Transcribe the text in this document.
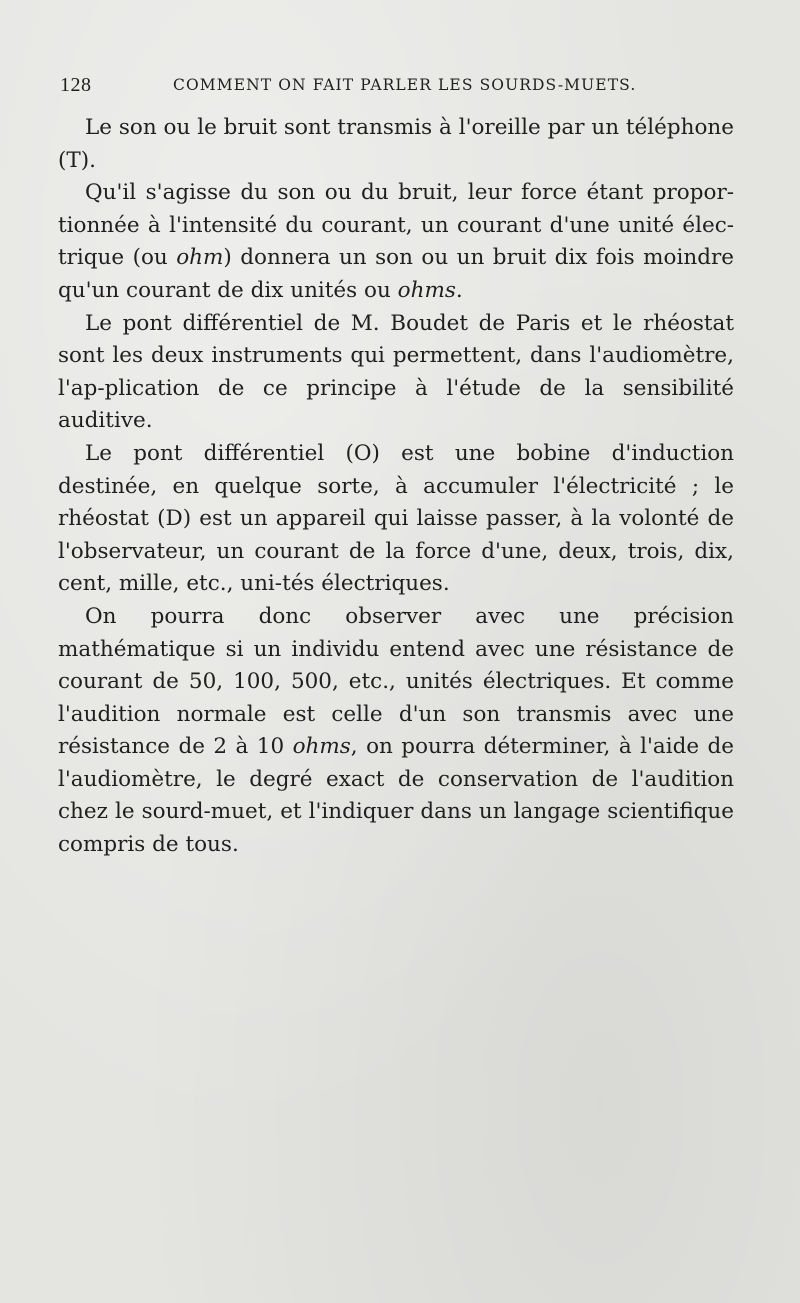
128	COMMENT ON FAIT PARLER LES SOURDS-MUETS.

Le son ou le bruit sont transmis à l'oreille par un téléphone (T).

Qu'il s'agisse du son ou du bruit, leur force étant propor-tionnée à l'intensité du courant, un courant d'une unité élec-trique (ou ohm) donnera un son ou un bruit dix fois moindre qu'un courant de dix unités ou ohms.

Le pont différentiel de M. Boudet de Paris et le rhéostat sont les deux instruments qui permettent, dans l'audiomètre, l'ap-plication de ce principe à l'étude de la sensibilité auditive.

Le pont différentiel (O) est une bobine d'induction destinée, en quelque sorte, à accumuler l'électricité ; le rhéostat (D) est un appareil qui laisse passer, à la volonté de l'observateur, un courant de la force d'une, deux, trois, dix, cent, mille, etc., uni-tés électriques.

On pourra donc observer avec une précision mathématique si un individu entend avec une résistance de courant de 50, 100, 500, etc., unités électriques. Et comme l'audition normale est celle d'un son transmis avec une résistance de 2 à 10 ohms, on pourra déterminer, à l'aide de l'audiomètre, le degré exact de conservation de l'audition chez le sourd-muet, et l'indiquer dans un langage scientifique compris de tous.
